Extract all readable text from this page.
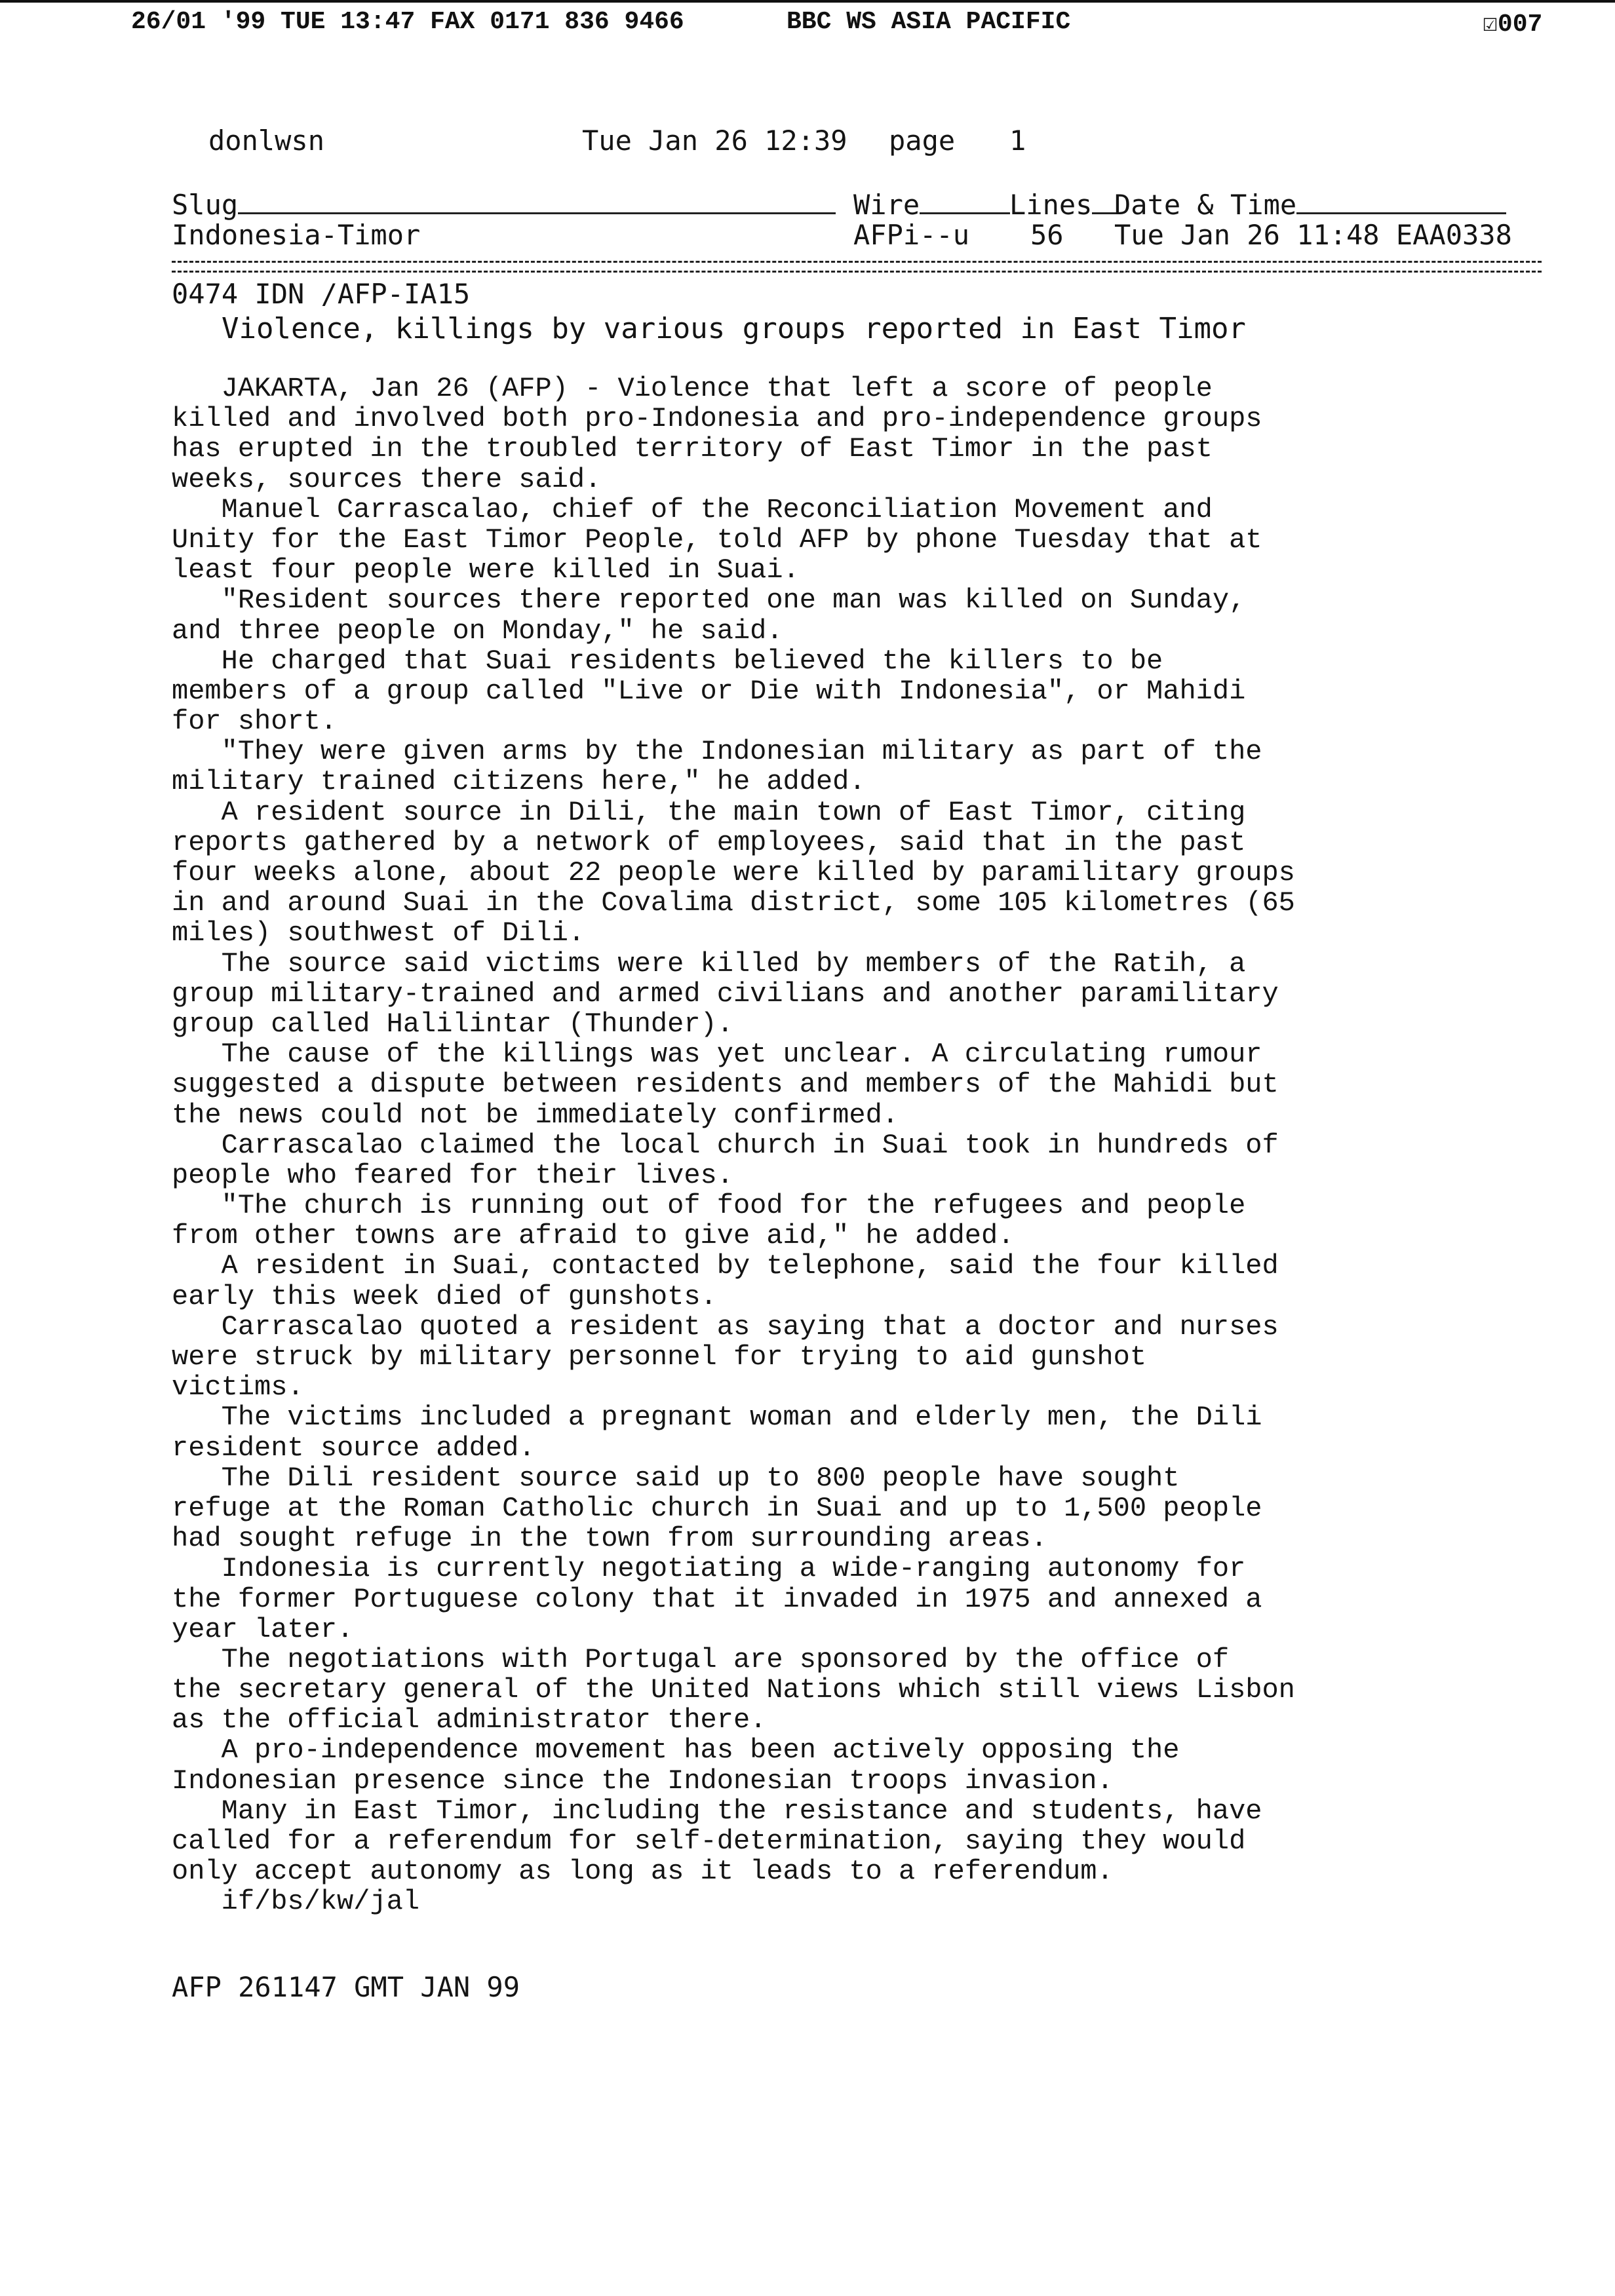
26/01 '99 TUE 13:47 FAX 0171 836 9466	BBC WS ASIA PACIFIC	☑007
donlwsn	Tue Jan 26 12:39 page 1
Slug	Wire	Lines Date & Time
Indonesia-Timor	AFPi--u 56 Tue Jan 26 11:48 EAA0338
0474 IDN /AFP-IA15
Violence, killings by various groups reported in East Timor
JAKARTA, Jan 26 (AFP) - Violence that left a score of people
killed and involved both pro-Indonesia and pro-independence groups
has erupted in the troubled territory of East Timor in the past
weeks, sources there said.
Manuel Carrascalao, chief of the Reconciliation Movement and
Unity for the East Timor People, told AFP by phone Tuesday that at
least four people were killed in Suai.
"Resident sources there reported one man was killed on Sunday,
and three people on Monday," he said.
He charged that Suai residents believed the killers to be
members of a group called "Live or Die with Indonesia", or Mahidi
for short.
"They were given arms by the Indonesian military as part of the
military trained citizens here," he added.
A resident source in Dili, the main town of East Timor, citing
reports gathered by a network of employees, said that in the past
four weeks alone, about 22 people were killed by paramilitary groups
in and around Suai in the Covalima district, some 105 kilometres (65
miles) southwest of Dili.
The source said victims were killed by members of the Ratih, a
group military-trained and armed civilians and another paramilitary
group called Halilintar (Thunder).
The cause of the killings was yet unclear. A circulating rumour
suggested a dispute between residents and members of the Mahidi but
the news could not be immediately confirmed.
Carrascalao claimed the local church in Suai took in hundreds of
people who feared for their lives.
"The church is running out of food for the refugees and people
from other towns are afraid to give aid," he added.
A resident in Suai, contacted by telephone, said the four killed
early this week died of gunshots.
Carrascalao quoted a resident as saying that a doctor and nurses
were struck by military personnel for trying to aid gunshot
victims.
The victims included a pregnant woman and elderly men, the Dili
resident source added.
The Dili resident source said up to 800 people have sought
refuge at the Roman Catholic church in Suai and up to 1,500 people
had sought refuge in the town from surrounding areas.
Indonesia is currently negotiating a wide-ranging autonomy for
the former Portuguese colony that it invaded in 1975 and annexed a
year later.
The negotiations with Portugal are sponsored by the office of
the secretary general of the United Nations which still views Lisbon
as the official administrator there.
A pro-independence movement has been actively opposing the
Indonesian presence since the Indonesian troops invasion.
Many in East Timor, including the resistance and students, have
called for a referendum for self-determination, saying they would
only accept autonomy as long as it leads to a referendum.
if/bs/kw/jal
AFP 261147 GMT JAN 99
